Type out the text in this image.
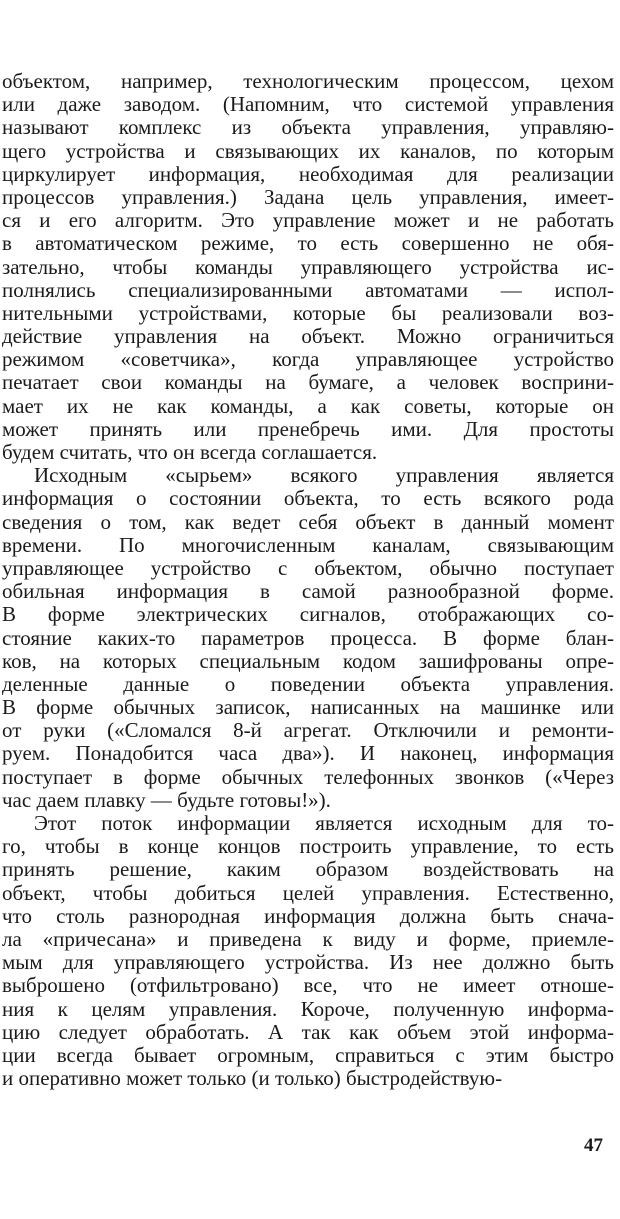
объектом, например, технологическим процессом, цехом
или даже заводом. (Напомним, что системой управления
называют комплекс из объекта управления, управляю-
щего устройства и связывающих их каналов, по которым
циркулирует информация, необходимая для реализации
процессов управления.) Задана цель управления, имеет-
ся и его алгоритм. Это управление может и не работать
в автоматическом режиме, то есть совершенно не обя-
зательно, чтобы команды управляющего устройства ис-
полнялись специализированными автоматами — испол-
нительными устройствами, которые бы реализовали воз-
действие управления на объект. Можно ограничиться
режимом «советчика», когда управляющее устройство
печатает свои команды на бумаге, а человек восприни-
мает их не как команды, а как советы, которые он
может принять или пренебречь ими. Для простоты
будем считать, что он всегда соглашается.
Исходным «сырьем» всякого управления является
информация о состоянии объекта, то есть всякого рода
сведения о том, как ведет себя объект в данный момент
времени. По многочисленным каналам, связывающим
управляющее устройство с объектом, обычно поступает
обильная информация в самой разнообразной форме.
В форме электрических сигналов, отображающих со-
стояние каких-то параметров процесса. В форме блан-
ков, на которых специальным кодом зашифрованы опре-
деленные данные о поведении объекта управления.
В форме обычных записок, написанных на машинке или
от руки («Сломался 8-й агрегат. Отключили и ремонти-
руем. Понадобится часа два»). И наконец, информация
поступает в форме обычных телефонных звонков («Через
час даем плавку — будьте готовы!»).
Этот поток информации является исходным для то-
го, чтобы в конце концов построить управление, то есть
принять решение, каким образом воздействовать на
объект, чтобы добиться целей управления. Естественно,
что столь разнородная информация должна быть снача-
ла «причесана» и приведена к виду и форме, приемле-
мым для управляющего устройства. Из нее должно быть
выброшено (отфильтровано) все, что не имеет отноше-
ния к целям управления. Короче, полученную информа-
цию следует обработать. А так как объем этой информа-
ции всегда бывает огромным, справиться с этим быстро
и оперативно может только (и только) быстродействую-
47
